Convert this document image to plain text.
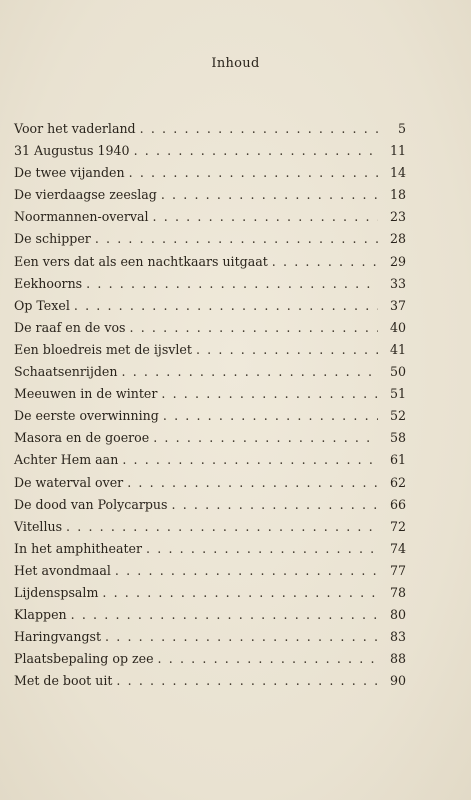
Inhoud
Voor het vaderland . . .	5
31 Augustus 1940 . . .	11
De twee vijanden . . .	14
De vierdaagse zeeslag . . .	18
Noormannen-overval . . .	23
De schipper . . .	28
Een vers dat als een nachtkaars uitgaat . . .	29
Eekhoorns . . .	33
Op Texel . . .	37
De raaf en de vos . . .	40
Een bloedreis met de ijsvlet . . .	41
Schaatsenrijden . . .	50
Meeuwen in de winter . . .	51
De eerste overwinning . . .	52
Masora en de goeroe . . .	58
Achter Hem aan . . .	61
De waterval over . . .	62
De dood van Polycarpus . . .	66
Vitellus . . .	72
In het amphitheater . . .	74
Het avondmaal . . .	77
Lijdenspsalm . . .	78
Klappen . . .	80
Haringvangst . . .	83
Plaatsbepaling op zee . . .	88
Met de boot uit . . .	90
